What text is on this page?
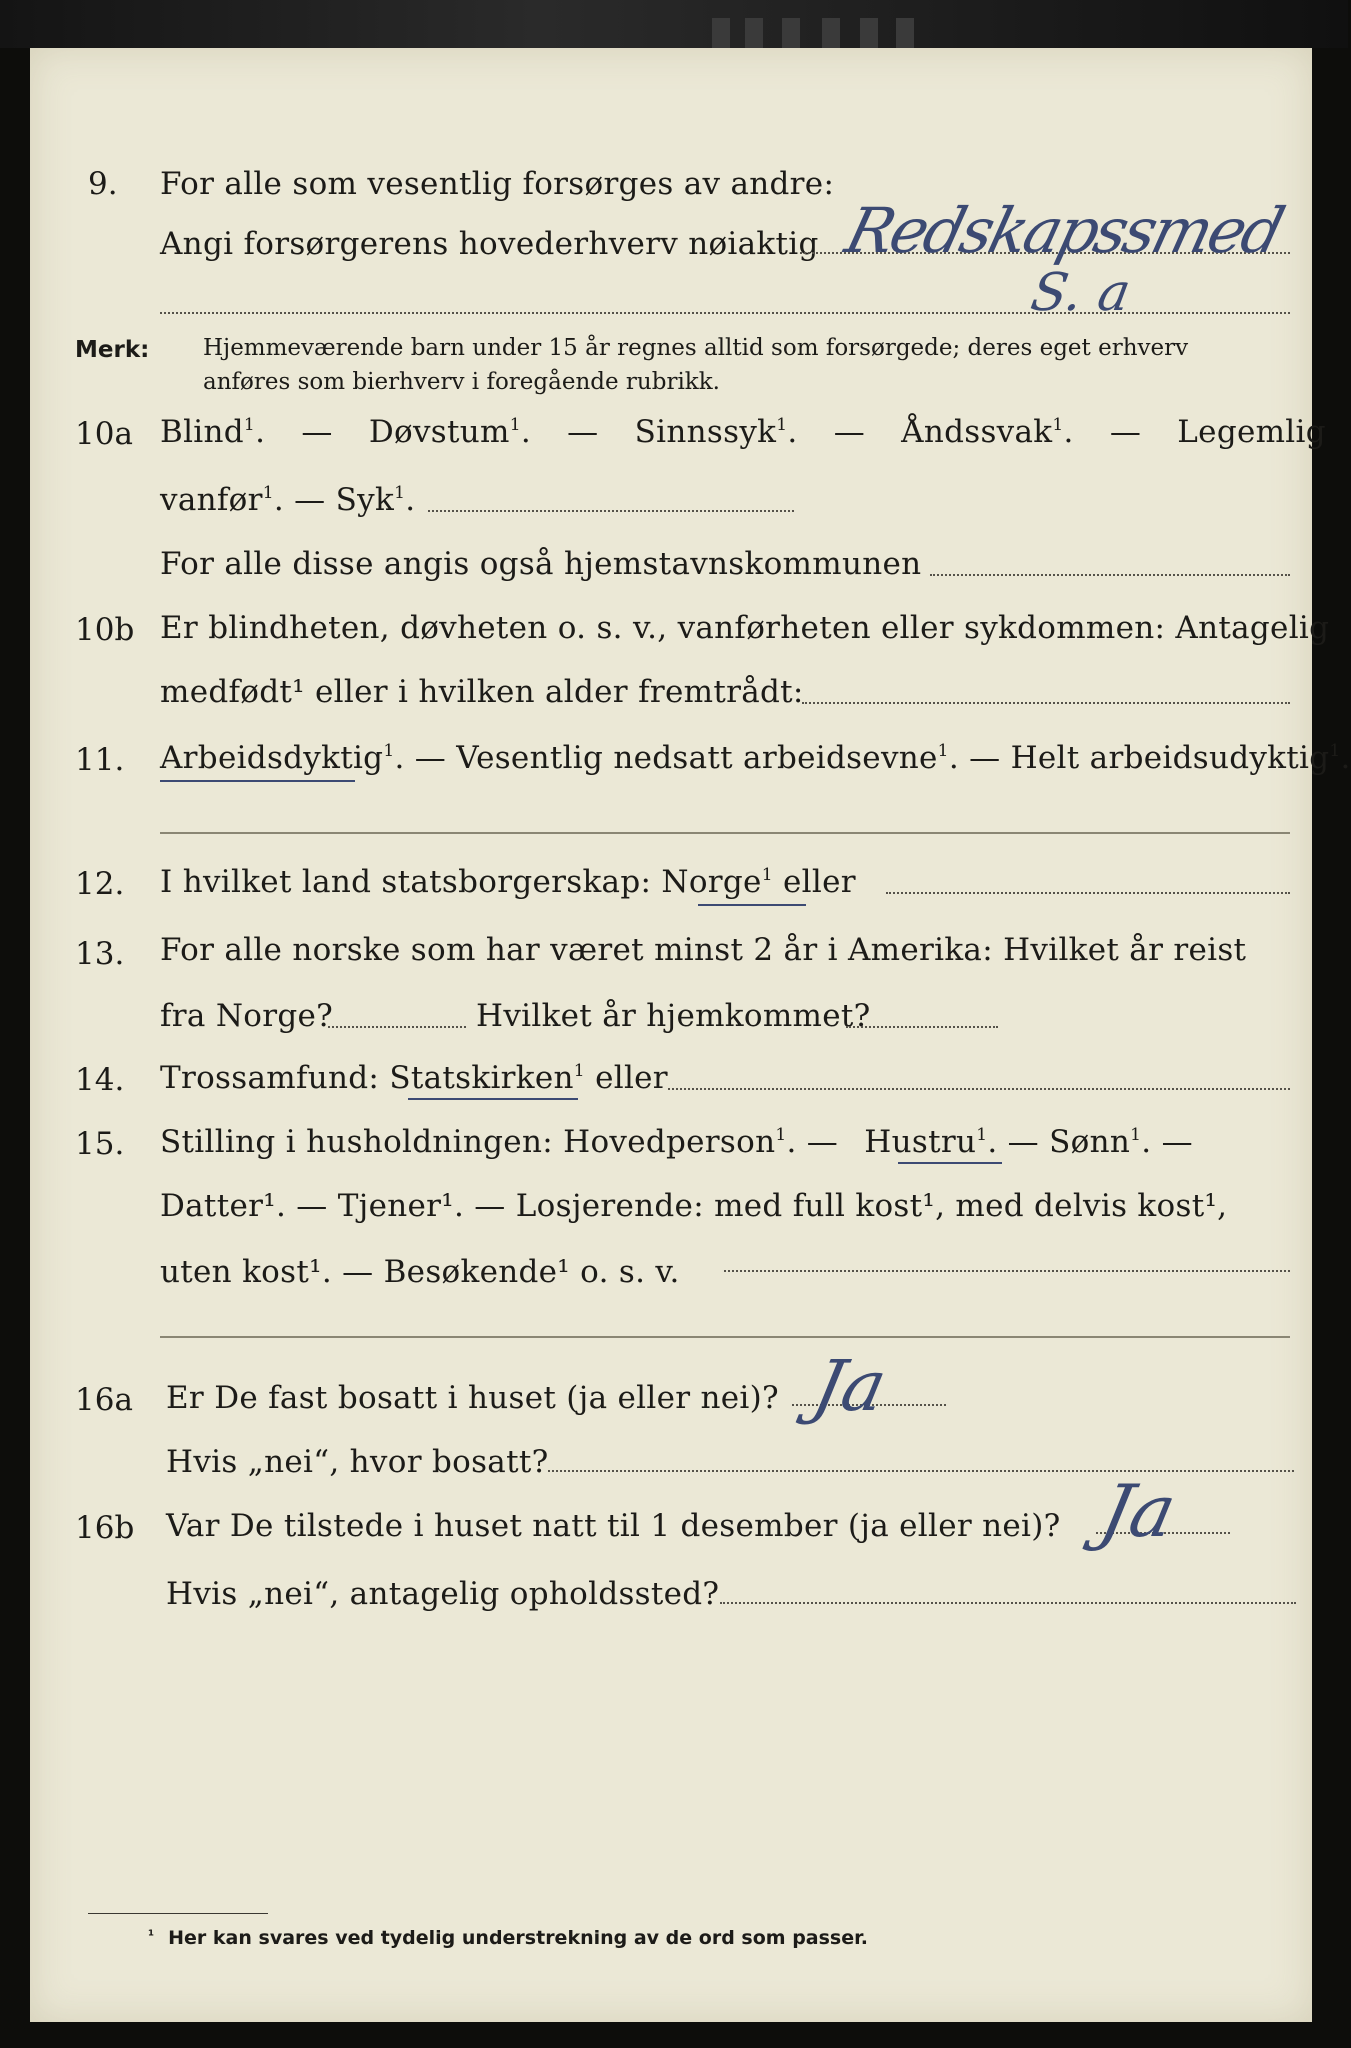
9. For alle som vesentlig forsørges av andre:
Angi forsørgerens hovederhverv nøiaktig Redskapssmed
S. a
Merk: Hjemmeværende barn under 15 år regnes alltid som forsørgede; deres eget erhverv
anføres som bierhverv i foregående rubrikk.
10a Blind$^1$. — Døvstum$^1$. — Sinnssyk$^1$. — Åndssvak$^1$. — Legemlig
vanfør$^1$. — Syk$^1$.
For alle disse angis også hjemstavnskommunen
10b Er blindheten, døvheten o. s. v., vanførheten eller sykdommen: Antagelig
medfødt¹ eller i hvilken alder fremtrådt:
11. Arbeidsdyktig$^1$. — Vesentlig nedsatt arbeidsevne$^1$. — Helt arbeidsudyktig$^1$.
12. I hvilket land statsborgerskap: Norge$^1$ eller
13. For alle norske som har været minst 2 år i Amerika: Hvilket år reist
fra Norge?	Hvilket år hjemkommet?
14. Trossamfund: Statskirken$^1$ eller
15. Stilling i husholdningen: Hovedperson$^1$. — Hustru$^1$. — Sønn$^1$. —
Datter¹. — Tjener¹. — Losjerende: med full kost¹, med delvis kost¹,
uten kost¹. — Besøkende¹ o. s. v.
16a Er De fast bosatt i huset (ja eller nei)? Ja
Hvis „nei“, hvor bosatt?
16b Var De tilstede i huset natt til 1 desember (ja eller nei)? Ja
Hvis „nei“, antagelig opholdssted?
$^{^1}$ Her kan svares ved tydelig understrekning av de ord som passer.
